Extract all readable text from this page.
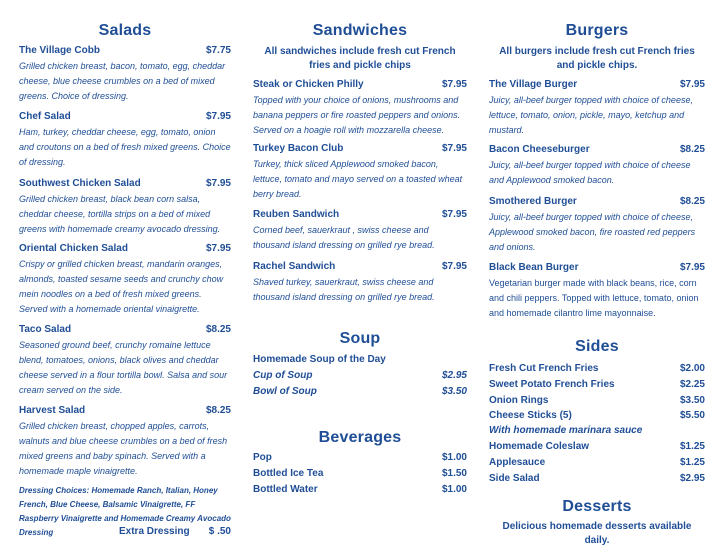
Salads
The Village Cobb	$7.75
Grilled chicken breast, bacon, tomato, egg, cheddar cheese, blue cheese crumbles on a bed of mixed greens. Choice of dressing.
Chef Salad	$7.95
Ham, turkey, cheddar cheese, egg, tomato, onion and croutons on a bed of fresh mixed greens. Choice of dressing.
Southwest Chicken Salad	$7.95
Grilled chicken breast, black bean corn salsa, cheddar cheese, tortilla strips on a bed of mixed greens with homemade creamy avocado dressing.
Oriental Chicken Salad	$7.95
Crispy or grilled chicken breast, mandarin oranges, almonds, toasted sesame seeds and crunchy chow mein noodles on a bed of fresh mixed greens. Served with a homemade oriental vinaigrette.
Taco Salad	$8.25
Seasoned ground beef, crunchy romaine lettuce blend, tomatoes, onions, black olives and cheddar cheese served in a flour tortilla bowl. Salsa and sour cream served on the side.
Harvest Salad	$8.25
Grilled chicken breast, chopped apples, carrots, walnuts and blue cheese crumbles on a bed of fresh mixed greens and baby spinach. Served with a homemade maple vinaigrette.
Dressing Choices: Homemade Ranch, Italian, Honey French, Blue Cheese, Balsamic Vinaigrette, FF Raspberry Vinaigrette and Homemade Creamy Avocado Dressing	Extra Dressing $ .50
Sandwiches
All sandwiches include fresh cut French fries and pickle chips
Steak or Chicken Philly	$7.95
Topped with your choice of onions, mushrooms and banana peppers or fire roasted peppers and onions. Served on a hoagie roll with mozzarella cheese.
Turkey Bacon Club	$7.95
Turkey, thick sliced Applewood smoked bacon, lettuce, tomato and mayo served on a toasted wheat berry bread.
Reuben Sandwich	$7.95
Corned beef, sauerkraut , swiss cheese and thousand island dressing on grilled rye bread.
Rachel Sandwich	$7.95
Shaved turkey, sauerkraut, swiss cheese and thousand island dressing on grilled rye bread.
Soup
Homemade Soup of the Day
Cup of Soup	$2.95
Bowl of Soup	$3.50
Beverages
Pop	$1.00
Bottled Ice Tea	$1.50
Bottled Water	$1.00
Burgers
All burgers include fresh cut French fries and pickle chips.
The Village Burger	$7.95
Juicy, all-beef burger topped with choice of cheese, lettuce, tomato, onion, pickle, mayo, ketchup and mustard.
Bacon Cheeseburger	$8.25
Juicy, all-beef burger topped with choice of cheese and Applewood smoked bacon.
Smothered Burger	$8.25
Juicy, all-beef burger topped with choice of cheese, Applewood smoked bacon, fire roasted red peppers and onions.
Black Bean Burger	$7.95
Vegetarian burger made with black beans, rice, corn and chili peppers. Topped with lettuce, tomato, onion and homemade cilantro lime mayonnaise.
Sides
Fresh Cut French Fries	$2.00
Sweet Potato French Fries	$2.25
Onion Rings	$3.50
Cheese Sticks (5)	$5.50
With homemade marinara sauce
Homemade Coleslaw	$1.25
Applesauce	$1.25
Side Salad	$2.95
Desserts
Delicious homemade desserts available daily.
